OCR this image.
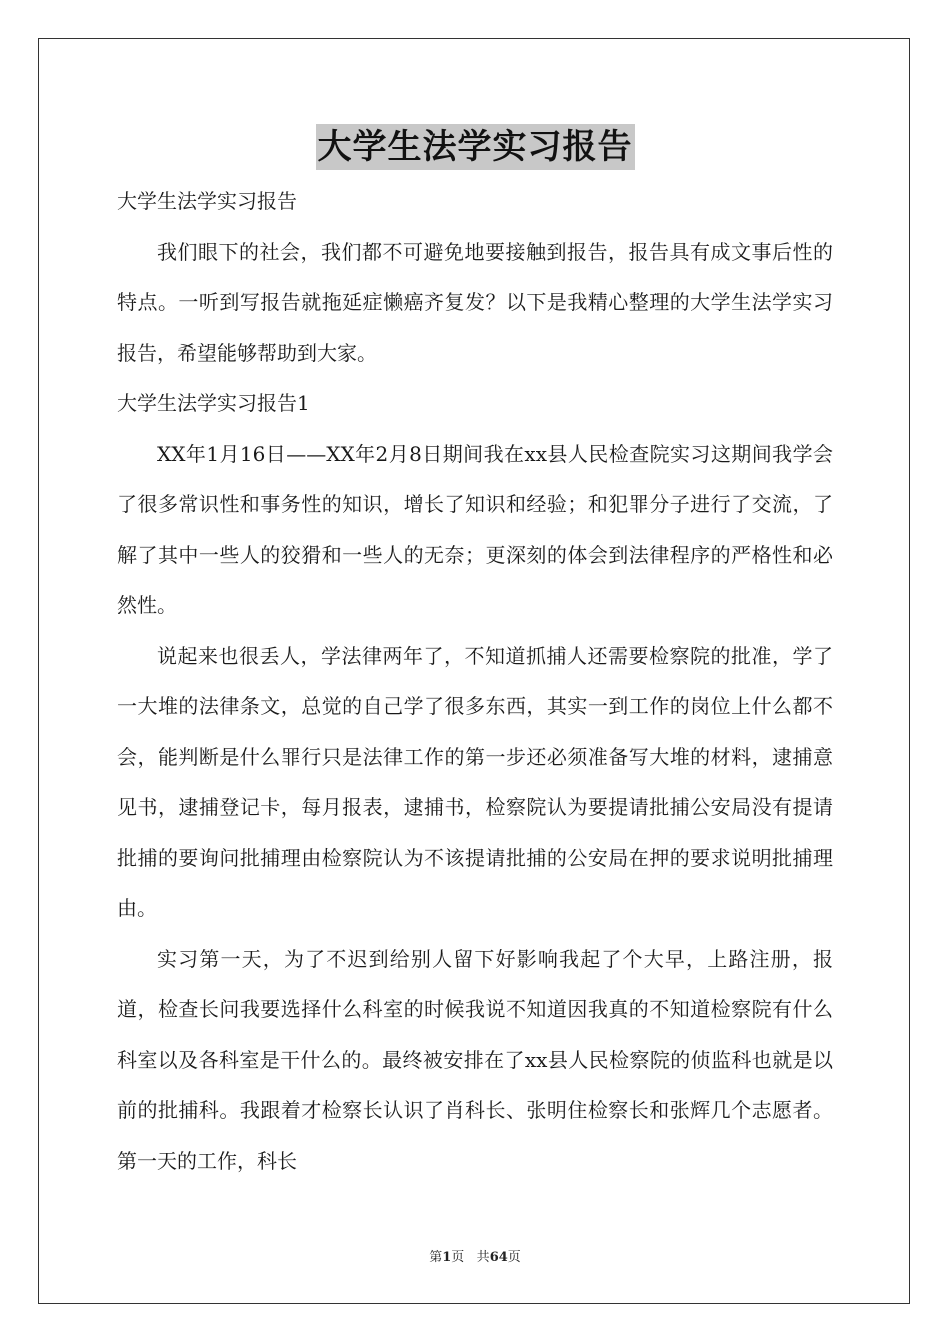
大学生法学实习报告

大学生法学实习报告

我们眼下的社会，我们都不可避免地要接触到报告，报告具有成文事后性的特点。一听到写报告就拖延症懒癌齐复发？以下是我精心整理的大学生法学实习报告，希望能够帮助到大家。

大学生法学实习报告1

XX年1月16日——XX年2月8日期间我在xx县人民检查院实习这期间我学会了很多常识性和事务性的知识，增长了知识和经验；和犯罪分子进行了交流，了解了其中一些人的狡猾和一些人的无奈；更深刻的体会到法律程序的严格性和必然性。

说起来也很丢人，学法律两年了，不知道抓捕人还需要检察院的批准，学了一大堆的法律条文，总觉的自己学了很多东西，其实一到工作的岗位上什么都不会，能判断是什么罪行只是法律工作的第一步还必须准备写大堆的材料，逮捕意见书，逮捕登记卡，每月报表，逮捕书，检察院认为要提请批捕公安局没有提请批捕的要询问批捕理由检察院认为不该提请批捕的公安局在押的要求说明批捕理由。

实习第一天，为了不迟到给别人留下好影响我起了个大早，上路注册，报道，检查长问我要选择什么科室的时候我说不知道因我真的不知道检察院有什么科室以及各科室是干什么的。最终被安排在了xx县人民检察院的侦监科也就是以前的批捕科。我跟着才检察长认识了肖科长、张明住检察长和张辉几个志愿者。第一天的工作，科长

第1页 共64页
